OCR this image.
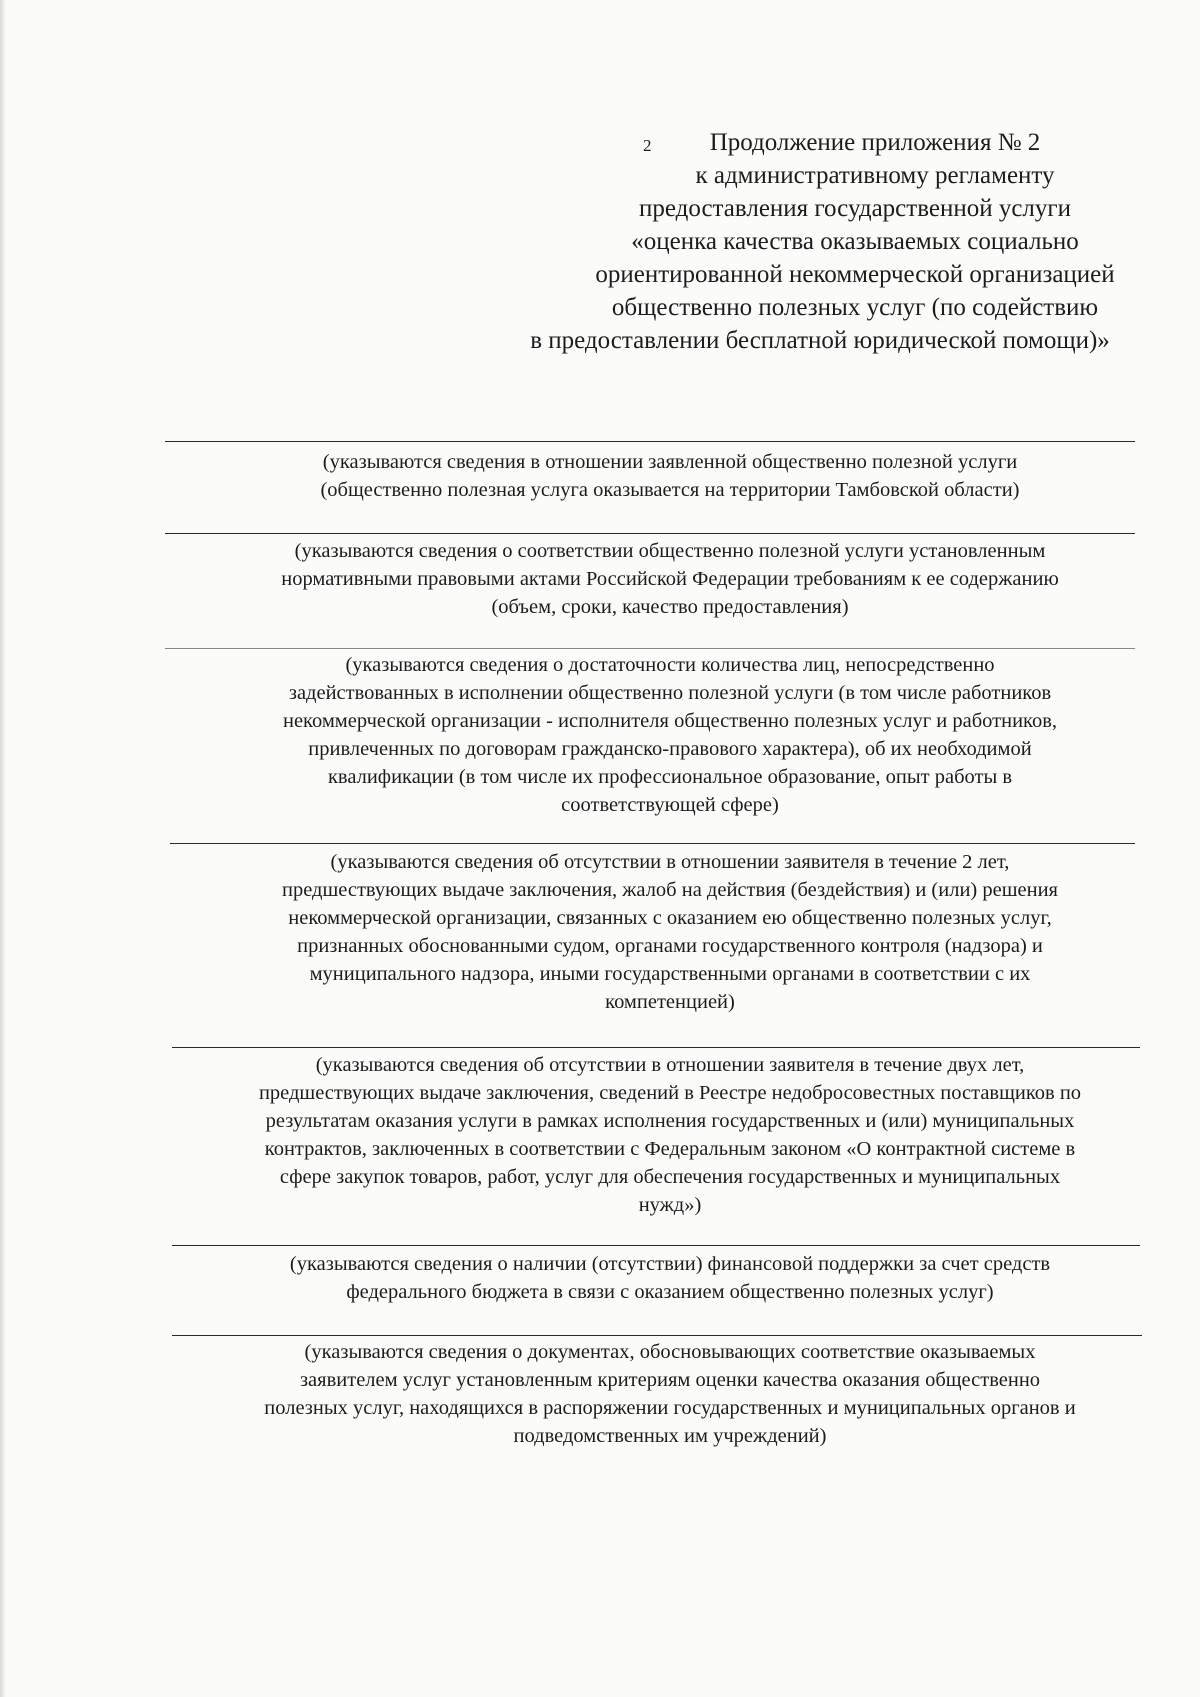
2	Продолжение приложения № 2
к административному регламенту
предоставления государственной услуги
«оценка качества оказываемых социально
ориентированной некоммерческой организацией
общественно полезных услуг (по содействию
в предоставлении бесплатной юридической помощи)»
(указываются сведения в отношении заявленной общественно полезной услуги
(общественно полезная услуга оказывается на территории Тамбовской области)
(указываются сведения о соответствии общественно полезной услуги установленным
нормативными правовыми актами Российской Федерации требованиям к ее содержанию
(объем, сроки, качество предоставления)
(указываются сведения о достаточности количества лиц, непосредственно
задействованных в исполнении общественно полезной услуги (в том числе работников
некоммерческой организации - исполнителя общественно полезных услуг и работников,
привлеченных по договорам гражданско-правового характера), об их необходимой
квалификации (в том числе их профессиональное образование, опыт работы в
соответствующей сфере)
(указываются сведения об отсутствии в отношении заявителя в течение 2 лет,
предшествующих выдаче заключения, жалоб на действия (бездействия) и (или) решения
некоммерческой организации, связанных с оказанием ею общественно полезных услуг,
признанных обоснованными судом, органами государственного контроля (надзора) и
муниципального надзора, иными государственными органами в соответствии с их
компетенцией)
(указываются сведения об отсутствии в отношении заявителя в течение двух лет,
предшествующих выдаче заключения, сведений в Реестре недобросовестных поставщиков по
результатам оказания услуги в рамках исполнения государственных и (или) муниципальных
контрактов, заключенных в соответствии с Федеральным законом «О контрактной системе в
сфере закупок товаров, работ, услуг для обеспечения государственных и муниципальных
нужд»)
(указываются сведения о наличии (отсутствии) финансовой поддержки за счет средств
федерального бюджета в связи с оказанием общественно полезных услуг)
(указываются сведения о документах, обосновывающих соответствие оказываемых
заявителем услуг установленным критериям оценки качества оказания общественно
полезных услуг, находящихся в распоряжении государственных и муниципальных органов и
подведомственных им учреждений)
